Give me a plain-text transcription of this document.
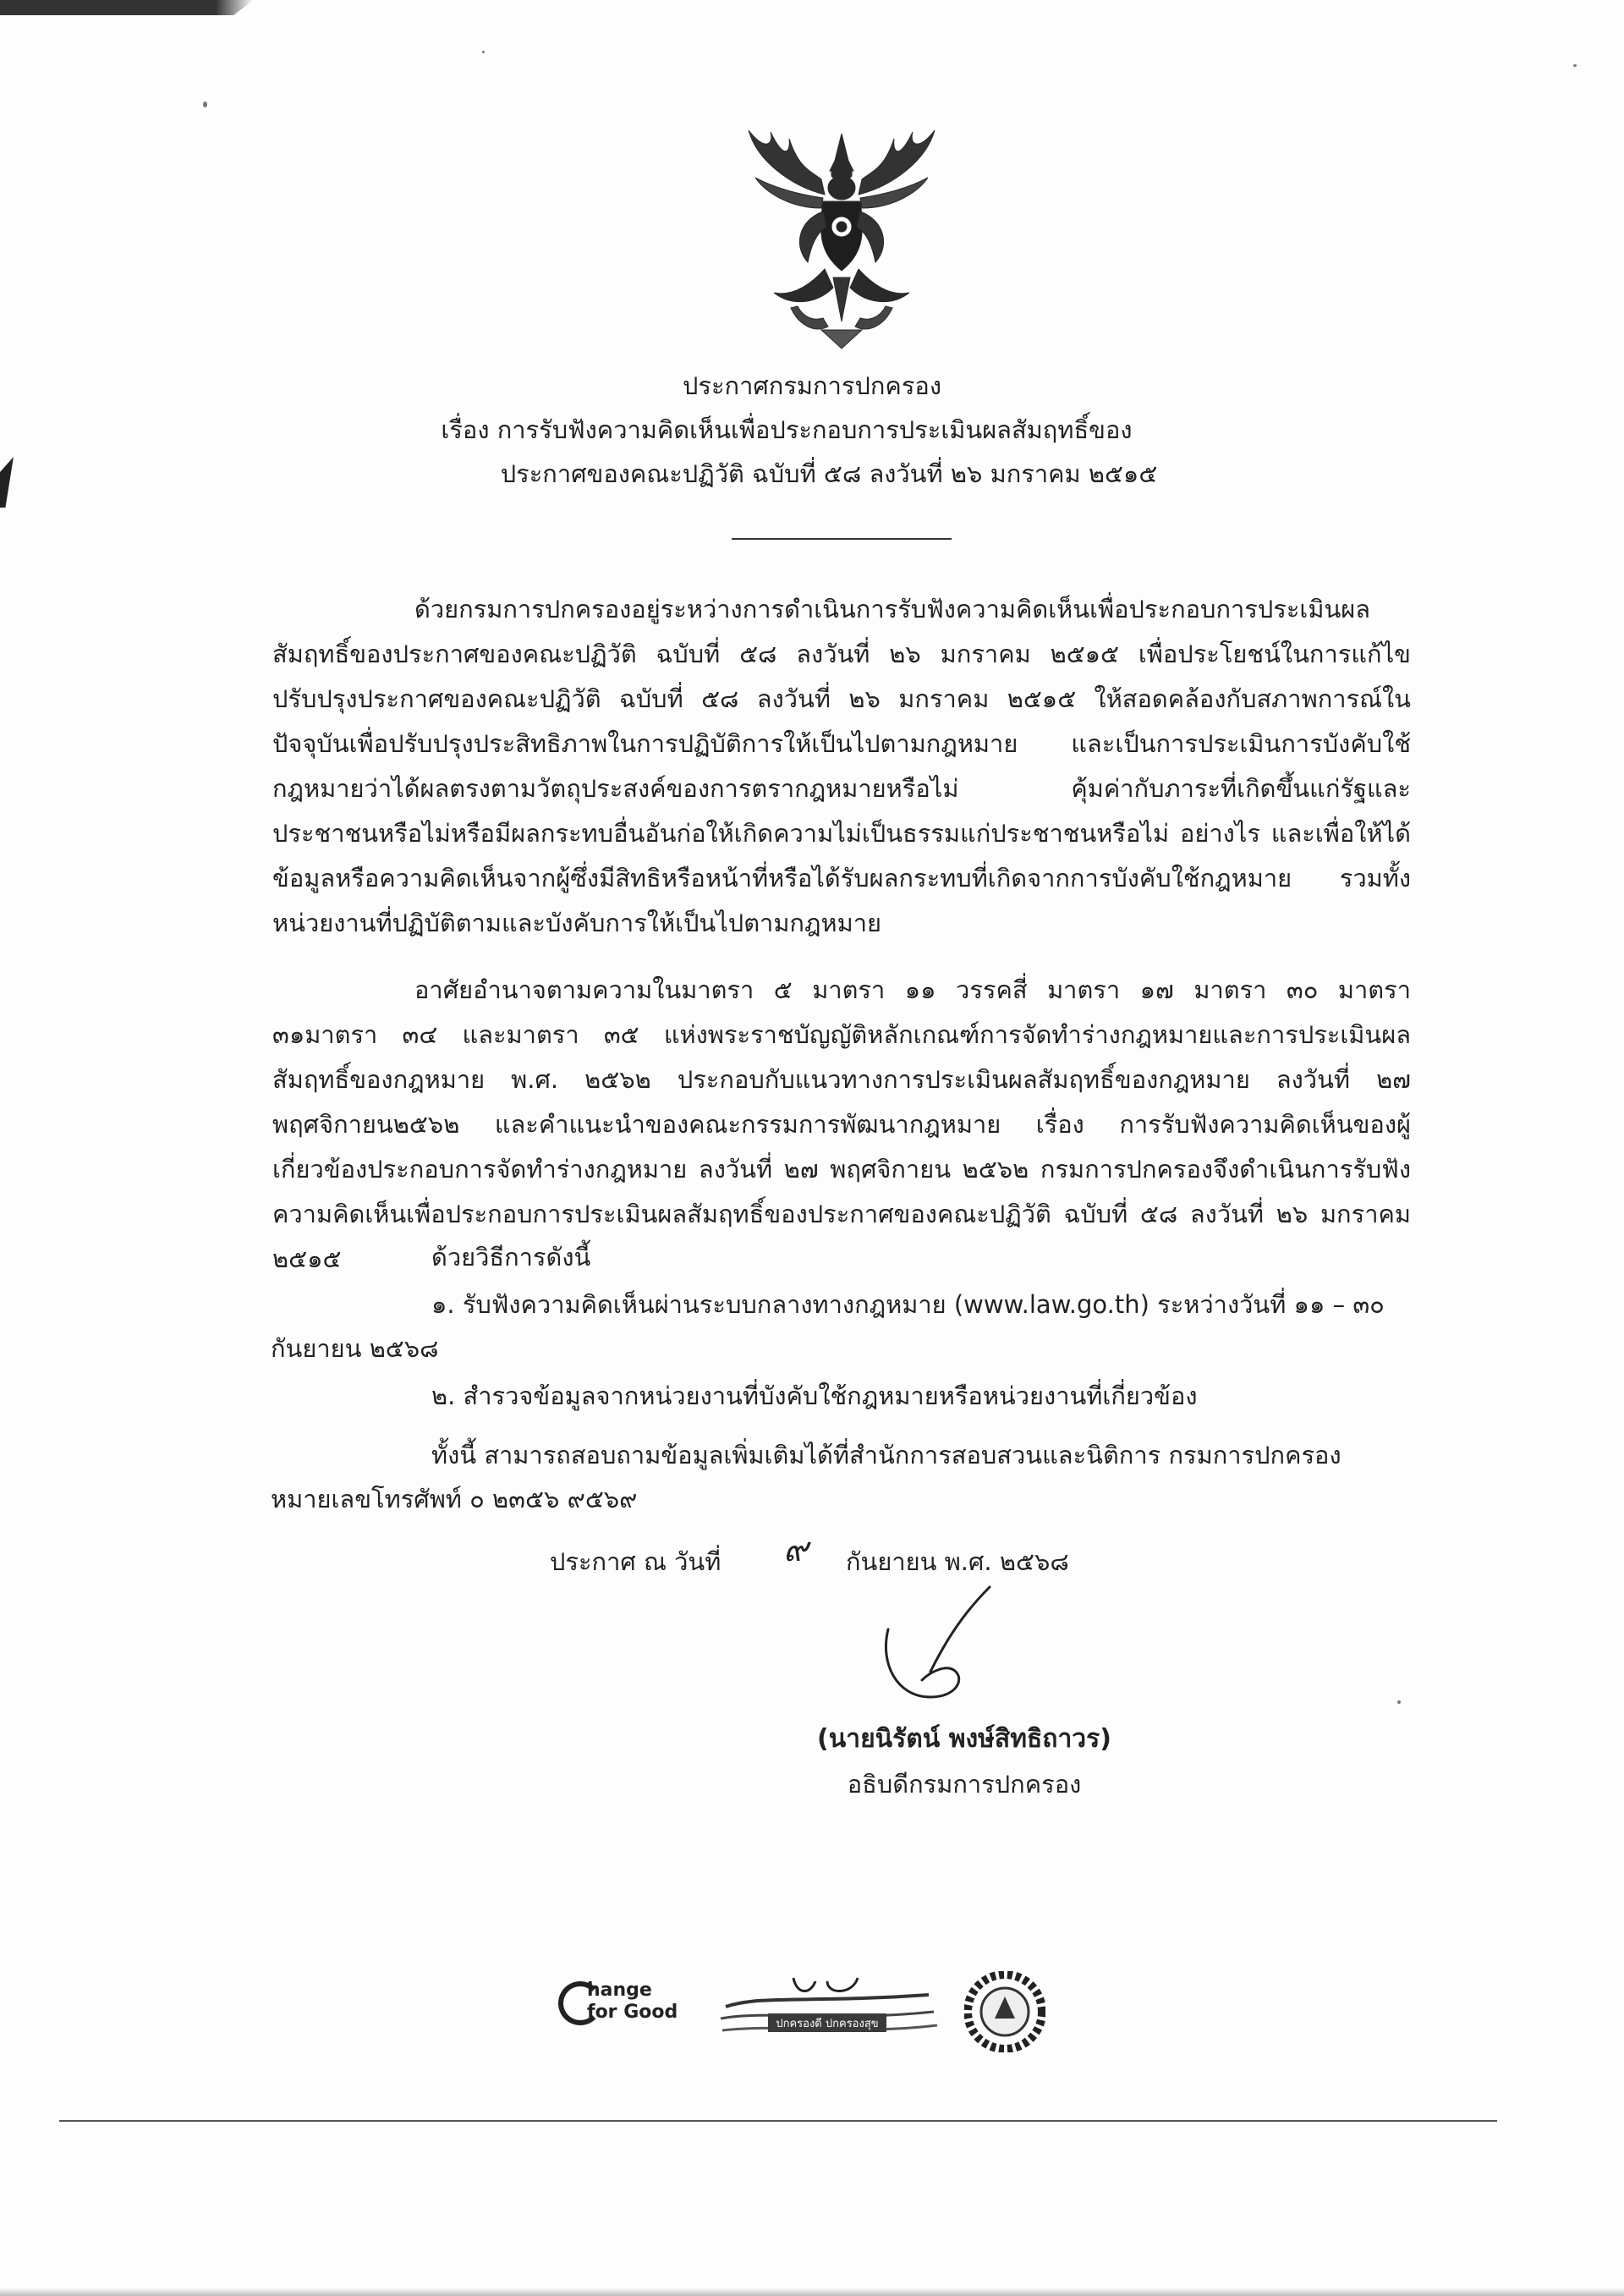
ประกาศกรมการปกครอง
เรื่อง การรับฟังความคิดเห็นเพื่อประกอบการประเมินผลสัมฤทธิ์ของ
ประกาศของคณะปฏิวัติ ฉบับที่ ๕๘ ลงวันที่ ๒๖ มกราคม ๒๕๑๕

ด้วยกรมการปกครองอยู่ระหว่างการดำเนินการรับฟังความคิดเห็นเพื่อประกอบการประเมินผลสัมฤทธิ์ของประกาศของคณะปฏิวัติ ฉบับที่ ๕๘ ลงวันที่ ๒๖ มกราคม ๒๕๑๕ เพื่อประโยชน์ในการแก้ไขปรับปรุงประกาศของคณะปฏิวัติ ฉบับที่ ๕๘ ลงวันที่ ๒๖ มกราคม ๒๕๑๕ ให้สอดคล้องกับสภาพการณ์ในปัจจุบันเพื่อปรับปรุงประสิทธิภาพในการปฏิบัติการให้เป็นไปตามกฎหมาย และเป็นการประเมินการบังคับใช้กฎหมายว่าได้ผลตรงตามวัตถุประสงค์ของการตรากฎหมายหรือไม่ คุ้มค่ากับภาระที่เกิดขึ้นแก่รัฐและประชาชนหรือไม่หรือมีผลกระทบอื่นอันก่อให้เกิดความไม่เป็นธรรมแก่ประชาชนหรือไม่ อย่างไร และเพื่อให้ได้ข้อมูลหรือความคิดเห็นจากผู้ซึ่งมีสิทธิหรือหน้าที่หรือได้รับผลกระทบที่เกิดจากการบังคับใช้กฎหมาย รวมทั้งหน่วยงานที่ปฏิบัติตามและบังคับการให้เป็นไปตามกฎหมาย

อาศัยอำนาจตามความในมาตรา ๕ มาตรา ๑๑ วรรคสี่ มาตรา ๑๗ มาตรา ๓๐ มาตรา ๓๑มาตรา ๓๔ และมาตรา ๓๕ แห่งพระราชบัญญัติหลักเกณฑ์การจัดทำร่างกฎหมายและการประเมินผลสัมฤทธิ์ของกฎหมาย พ.ศ. ๒๕๖๒ ประกอบกับแนวทางการประเมินผลสัมฤทธิ์ของกฎหมาย ลงวันที่ ๒๗ พฤศจิกายน๒๕๖๒ และคำแนะนำของคณะกรรมการพัฒนากฎหมาย เรื่อง การรับฟังความคิดเห็นของผู้เกี่ยวข้องประกอบการจัดทำร่างกฎหมาย ลงวันที่ ๒๗ พฤศจิกายน ๒๕๖๒ กรมการปกครองจึงดำเนินการรับฟังความคิดเห็นเพื่อประกอบการประเมินผลสัมฤทธิ์ของประกาศของคณะปฏิวัติ ฉบับที่ ๕๘ ลงวันที่ ๒๖ มกราคม ๒๕๑๕	ด้วยวิธีการดังนี้
๑. รับฟังความคิดเห็นผ่านระบบกลางทางกฎหมาย (www.law.go.th) ระหว่างวันที่ ๑๑ – ๓๐
กันยายน ๒๕๖๘
๒. สำรวจข้อมูลจากหน่วยงานที่บังคับใช้กฎหมายหรือหน่วยงานที่เกี่ยวข้อง
ทั้งนี้ สามารถสอบถามข้อมูลเพิ่มเติมได้ที่สำนักการสอบสวนและนิติการ กรมการปกครอง
หมายเลขโทรศัพท์ ๐ ๒๓๕๖ ๙๕๖๙
ประกาศ ณ วันที่ ๙ กันยายน พ.ศ. ๒๕๖๘
(นายนิรัตน์ พงษ์สิทธิถาวร)
อธิบดีกรมการปกครอง
hange
for Good
ปกครองดี ปกครองสุข
